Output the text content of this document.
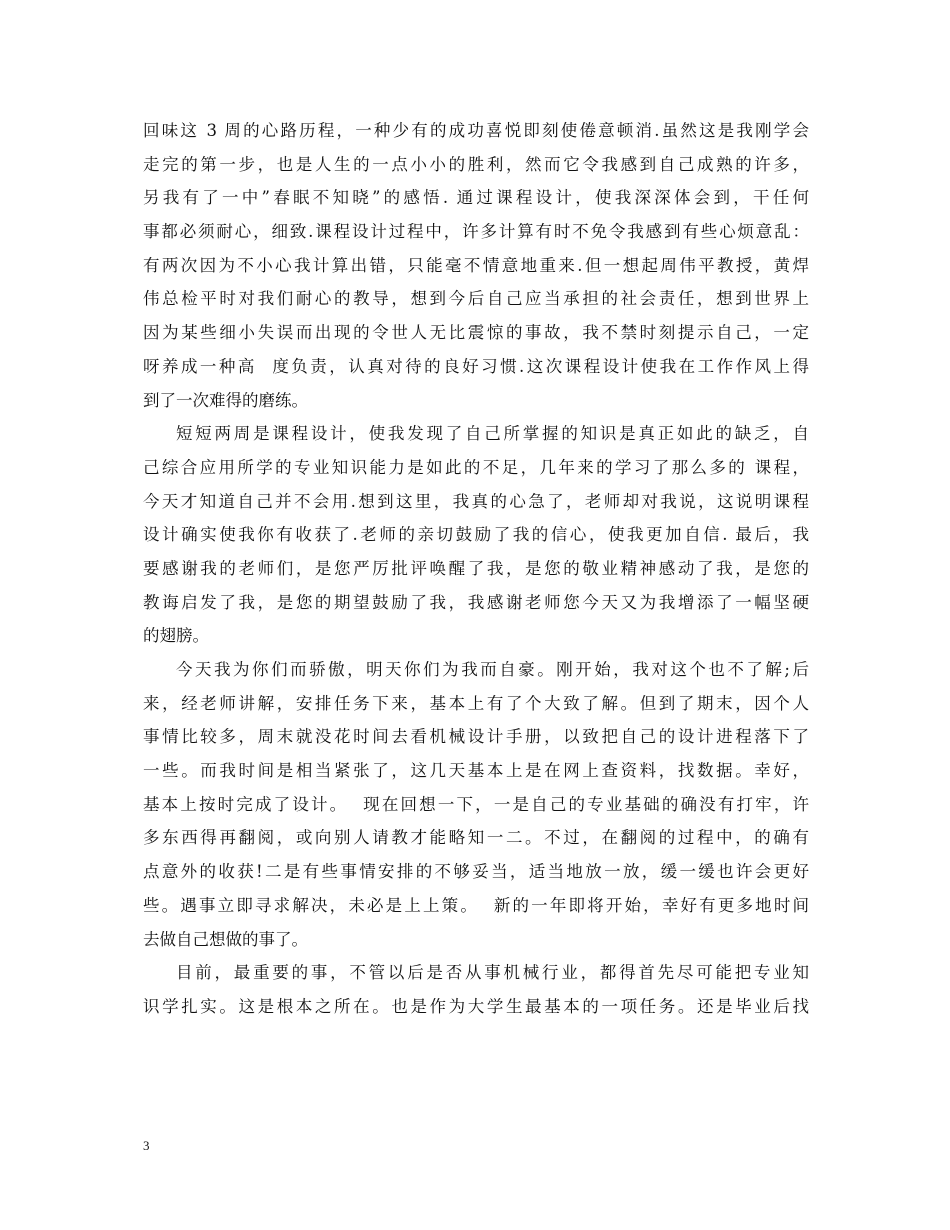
回味这 3 周的心路历程，一种少有的成功喜悦即刻使倦意顿消.虽然这是我刚学会
走完的第一步，也是人生的一点小小的胜利，然而它令我感到自己成熟的许多，
另我有了一中”春眠不知晓”的感悟. 通过课程设计，使我深深体会到，干任何
事都必须耐心，细致.课程设计过程中，许多计算有时不免令我感到有些心烦意乱：
有两次因为不小心我计算出错，只能毫不情意地重来.但一想起周伟平教授，黄焊
伟总检平时对我们耐心的教导，想到今后自己应当承担的社会责任，想到世界上
因为某些细小失误而出现的令世人无比震惊的事故，我不禁时刻提示自己，一定
呀养成一种高  度负责，认真对待的良好习惯.这次课程设计使我在工作作风上得
到了一次难得的磨练。
短短两周是课程设计，使我发现了自己所掌握的知识是真正如此的缺乏，自
己综合应用所学的专业知识能力是如此的不足，几年来的学习了那么多的 课程，
今天才知道自己并不会用.想到这里，我真的心急了，老师却对我说，这说明课程
设计确实使我你有收获了.老师的亲切鼓励了我的信心，使我更加自信. 最后，我
要感谢我的老师们，是您严厉批评唤醒了我，是您的敬业精神感动了我，是您的
教诲启发了我，是您的期望鼓励了我，我感谢老师您今天又为我增添了一幅坚硬
的翅膀。
今天我为你们而骄傲，明天你们为我而自豪。刚开始，我对这个也不了解;后
来，经老师讲解，安排任务下来，基本上有了个大致了解。但到了期末，因个人
事情比较多，周末就没花时间去看机械设计手册，以致把自己的设计进程落下了
一些。而我时间是相当紧张了，这几天基本上是在网上查资料，找数据。幸好，
基本上按时完成了设计。  现在回想一下，一是自己的专业基础的确没有打牢，许
多东西得再翻阅，或向别人请教才能略知一二。不过，在翻阅的过程中，的确有
点意外的收获!二是有些事情安排的不够妥当，适当地放一放，缓一缓也许会更好
些。遇事立即寻求解决，未必是上上策。  新的一年即将开始，幸好有更多地时间
去做自己想做的事了。
目前，最重要的事，不管以后是否从事机械行业，都得首先尽可能把专业知
识学扎实。这是根本之所在。也是作为大学生最基本的一项任务。还是毕业后找
3
